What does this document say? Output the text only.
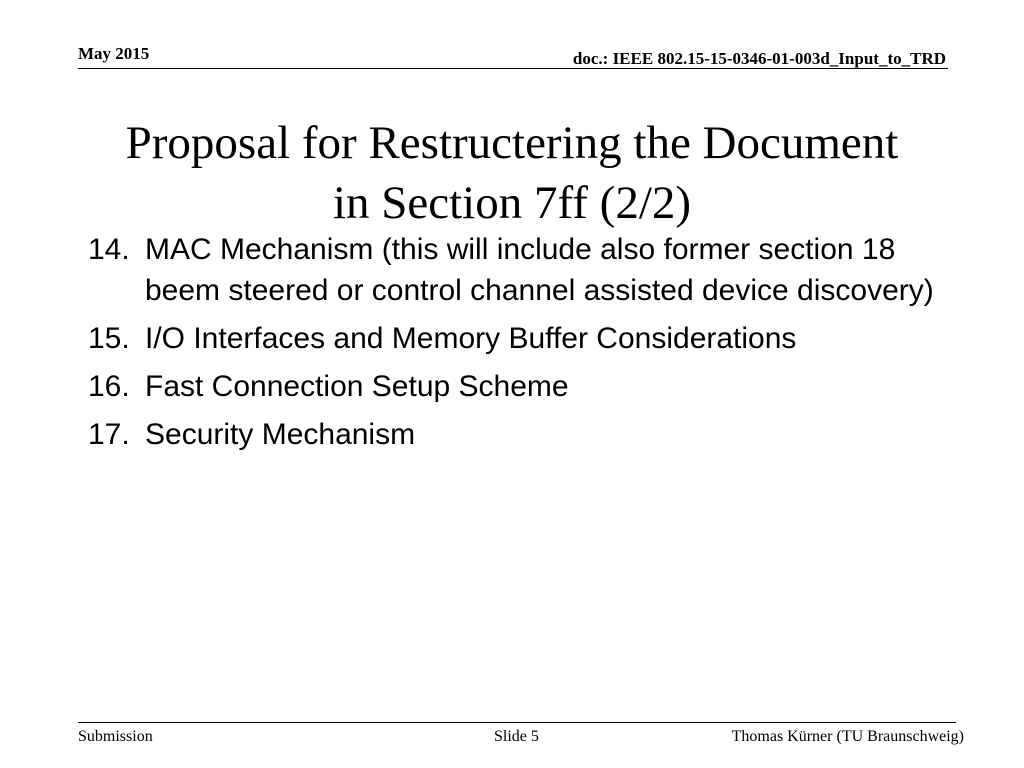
May 2015	doc.: IEEE 802.15-15-0346-01-003d_Input_to_TRD
Proposal for Restructering the Document
in Section 7ff (2/2)
14. MAC Mechanism (this will include also former section 18 beem steered or control channel assisted device discovery)
15. I/O Interfaces and Memory Buffer Considerations
16. Fast Connection Setup Scheme
17. Security Mechanism
Submission	Slide 5	Thomas Kürner (TU Braunschweig)
